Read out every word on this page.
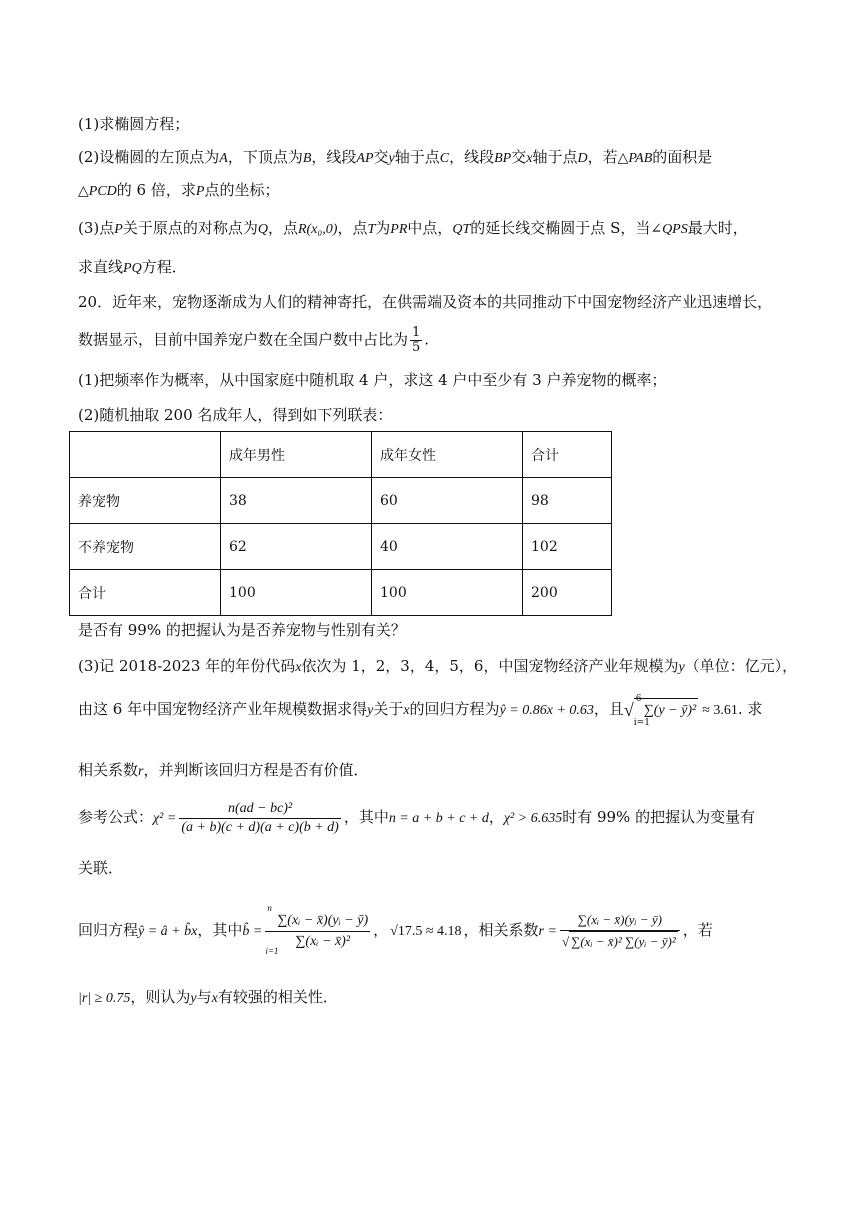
(1)求椭圆方程；
(2)设椭圆的左顶点为A，下顶点为B，线段AP交y轴于点C，线段BP交x轴于点D，若△PAB的面积是
△PCD的 6 倍，求P点的坐标；
(3)点P关于原点的对称点为Q，点R(x₀,0)，点T为PR中点，QT的延长线交椭圆于点 S，当∠QPS最大时，
求直线PQ方程．
20．近年来，宠物逐渐成为人们的精神寄托，在供需端及资本的共同推动下中国宠物经济产业迅速增长，
数据显示，目前中国养宠户数在全国户数中占比为 $\frac{1}{5}$ .
(1)把频率作为概率，从中国家庭中随机取 4 户，求这 4 户中至少有 3 户养宠物的概率；
(2)随机抽取 200 名成年人，得到如下列联表：
	成年男性	成年女性	合计
养宠物	38	60	98
不养宠物	62	40	102
合计	100	100	200
是否有 99% 的把握认为是否养宠物与性别有关？
(3)记 2018-2023 年的年份代码x依次为 1，2，3，4，5，6，中国宠物经济产业年规模为y（单位：亿元），
由这 6 年中国宠物经济产业年规模数据求得y关于x的回归方程为ŷ = 0.86x + 0.63，且√
6
i=1
∑(y − ȳ)² ≈ 3.61. 求
相关系数r，并判断该回归方程是否有价值．
参考公式：$\chi^2 = \frac{\text{n(ad − bc)²}}{(a + b)(c + d)(a + c)(b + d)}$ ，其中n = a + b + c + d，χ² > 6.635时有 99% 的把握认为变量有
关联．
回归方程ŷ = â + b̂x，其中b̂ = n
∑(xᵢ − x̄)(yᵢ − ȳ)
i=1
∑(xᵢ − x̄)² ， √17.5 ≈ 4.18 ，相关系数$r = \frac{\text{∑(xᵢ − x̄)(yᵢ − ȳ)}}{\text{√ ∑(xᵢ − x̄)² ∑(yᵢ − ȳ)²}}$ ，若
|r| ≥ 0.75，则认为y与x有较强的相关性．
